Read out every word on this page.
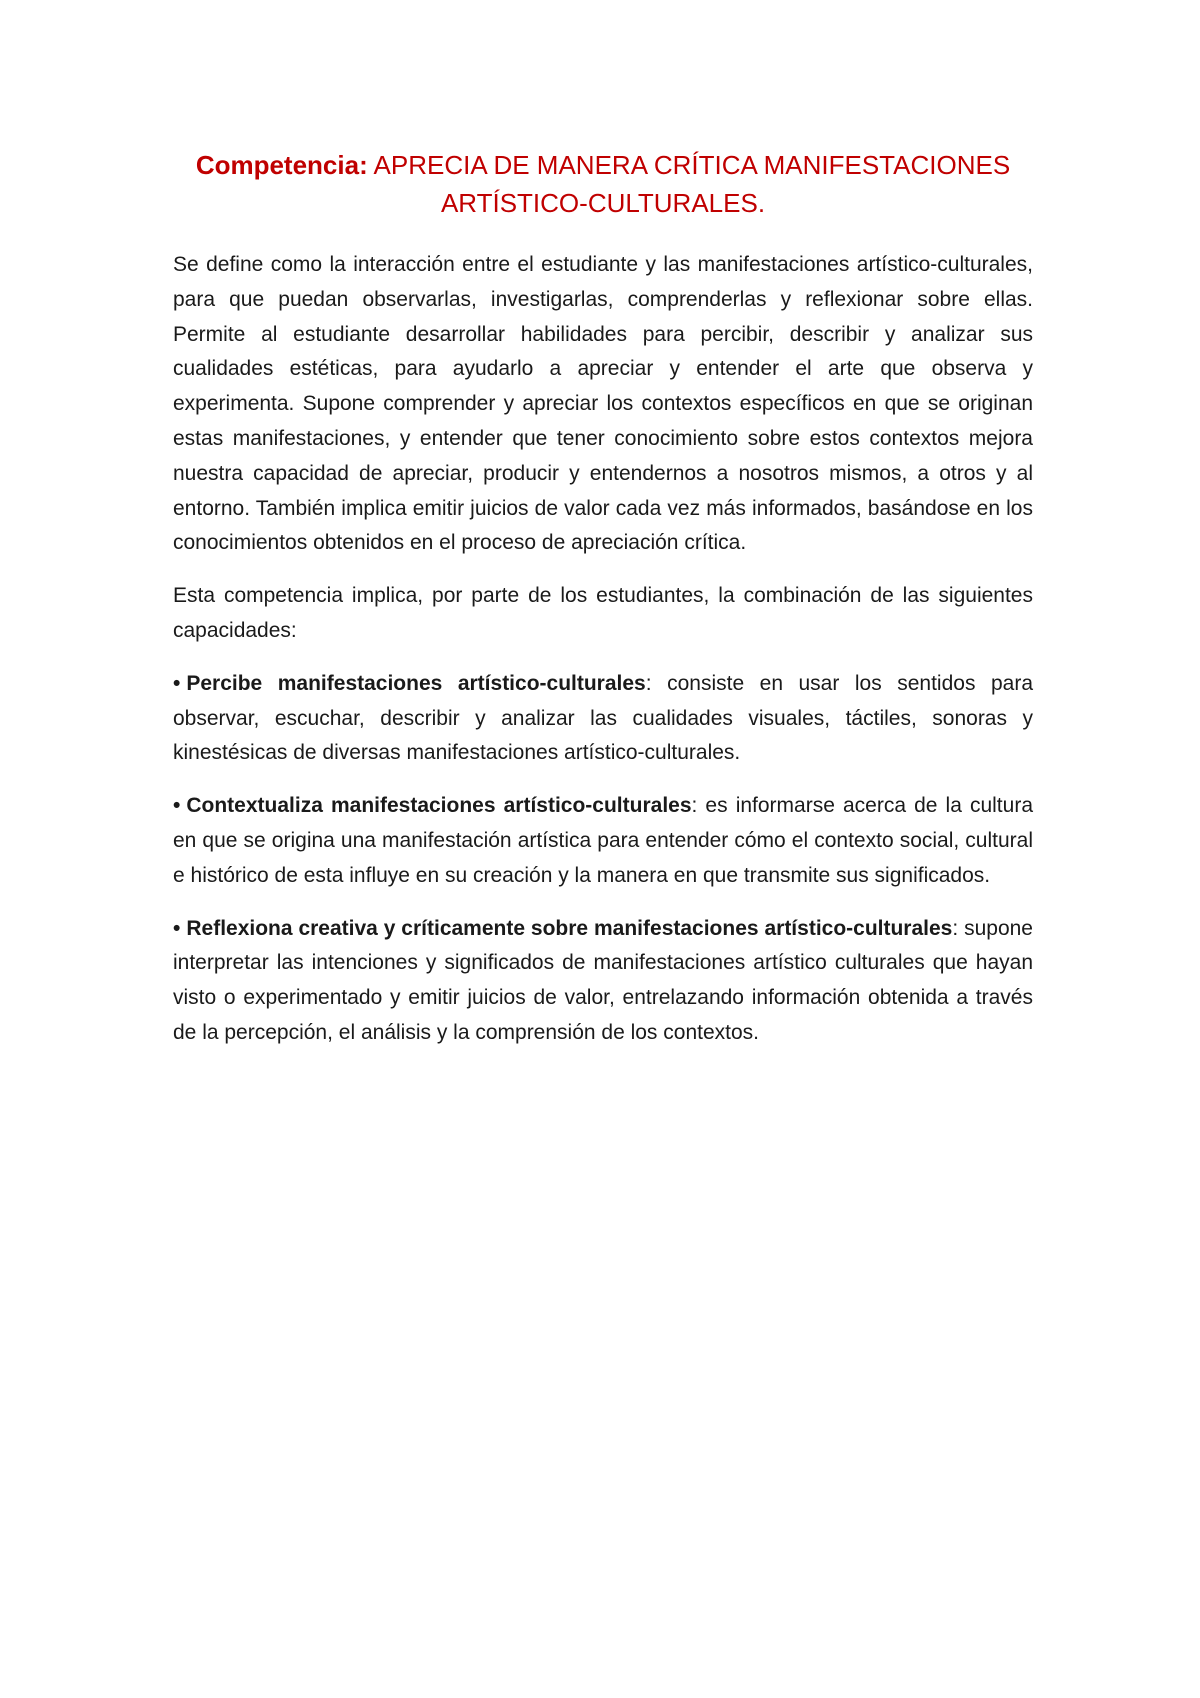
Competencia: APRECIA DE MANERA CRÍTICA MANIFESTACIONES ARTÍSTICO-CULTURALES.

Se define como la interacción entre el estudiante y las manifestaciones artístico-culturales, para que puedan observarlas, investigarlas, comprenderlas y reflexionar sobre ellas. Permite al estudiante desarrollar habilidades para percibir, describir y analizar sus cualidades estéticas, para ayudarlo a apreciar y entender el arte que observa y experimenta. Supone comprender y apreciar los contextos específicos en que se originan estas manifestaciones, y entender que tener conocimiento sobre estos contextos mejora nuestra capacidad de apreciar, producir y entendernos a nosotros mismos, a otros y al entorno. También implica emitir juicios de valor cada vez más informados, basándose en los conocimientos obtenidos en el proceso de apreciación crítica.

Esta competencia implica, por parte de los estudiantes, la combinación de las siguientes capacidades:

• Percibe manifestaciones artístico-culturales: consiste en usar los sentidos para observar, escuchar, describir y analizar las cualidades visuales, táctiles, sonoras y kinestésicas de diversas manifestaciones artístico-culturales.
• Contextualiza manifestaciones artístico-culturales: es informarse acerca de la cultura en que se origina una manifestación artística para entender cómo el contexto social, cultural e histórico de esta influye en su creación y la manera en que transmite sus significados.
• Reflexiona creativa y críticamente sobre manifestaciones artístico-culturales: supone interpretar las intenciones y significados de manifestaciones artístico culturales que hayan visto o experimentado y emitir juicios de valor, entrelazando información obtenida a través de la percepción, el análisis y la comprensión de los contextos.
